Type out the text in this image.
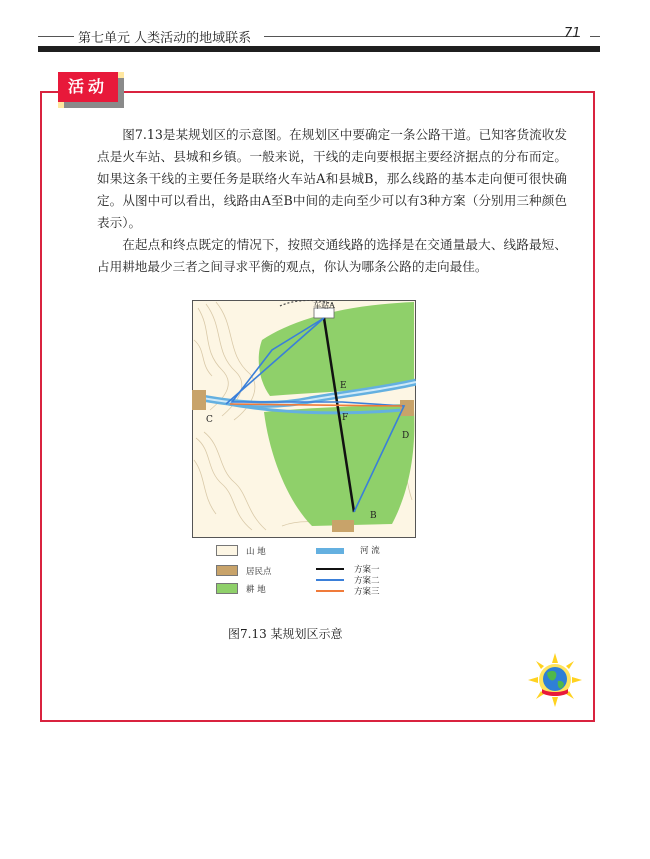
第七单元 人类活动的地域联系	71
活动

图7.13是某规划区的示意图。在规划区中要确定一条公路干道。已知客货流收发点是火车站、县城和乡镇。一般来说，干线的走向要根据主要经济据点的分布而定。如果这条干线的主要任务是联络火车站A和县城B，那么线路的基本走向便可很快确定。从图中可以看出，线路由A至B中间的走向至少可以有3种方案（分别用三种颜色表示）。

在起点和终点既定的情况下，按照交通线路的选择是在交通量最大、线路最短、占用耕地最少三者之间寻求平衡的观点，你认为哪条公路的走向最佳。

车站A
E
F
C
D
B
山 地
居民点
耕 地
河 流
方案一
方案二
方案三
图7.13 某规划区示意
